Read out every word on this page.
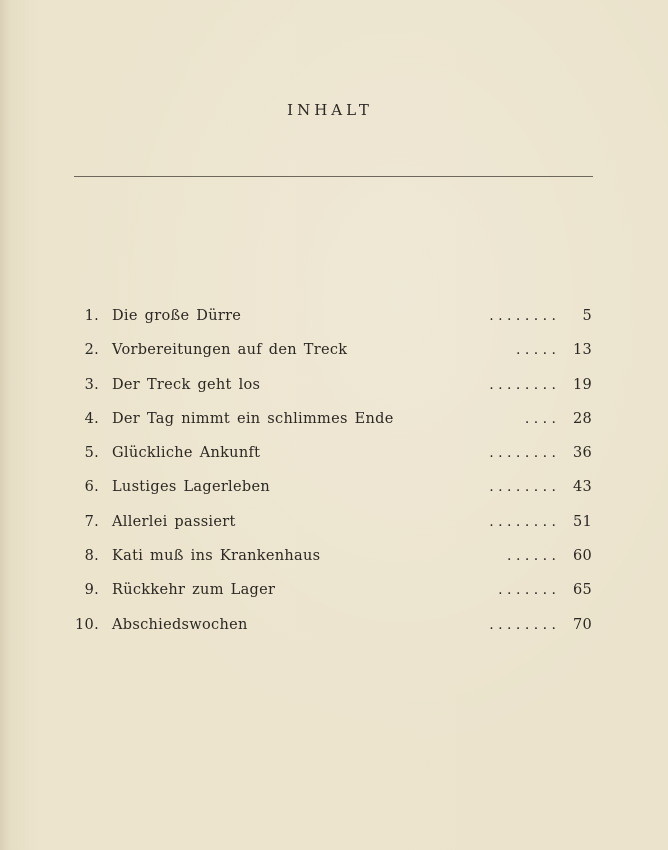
INHALT
1. Die große Dürre	. . . . . . . . 5
2. Vorbereitungen auf den Treck	. . . . . 13
3. Der Treck geht los	. . . . . . . . 19
4. Der Tag nimmt ein schlimmes Ende	. . . . 28
5. Glückliche Ankunft	. . . . . . . . 36
6. Lustiges Lagerleben	. . . . . . . . 43
7. Allerlei passiert	. . . . . . . . 51
8. Kati muß ins Krankenhaus	. . . . . . 60
9. Rückkehr zum Lager	. . . . . . . 65
10. Abschiedswochen	. . . . . . . . 70
